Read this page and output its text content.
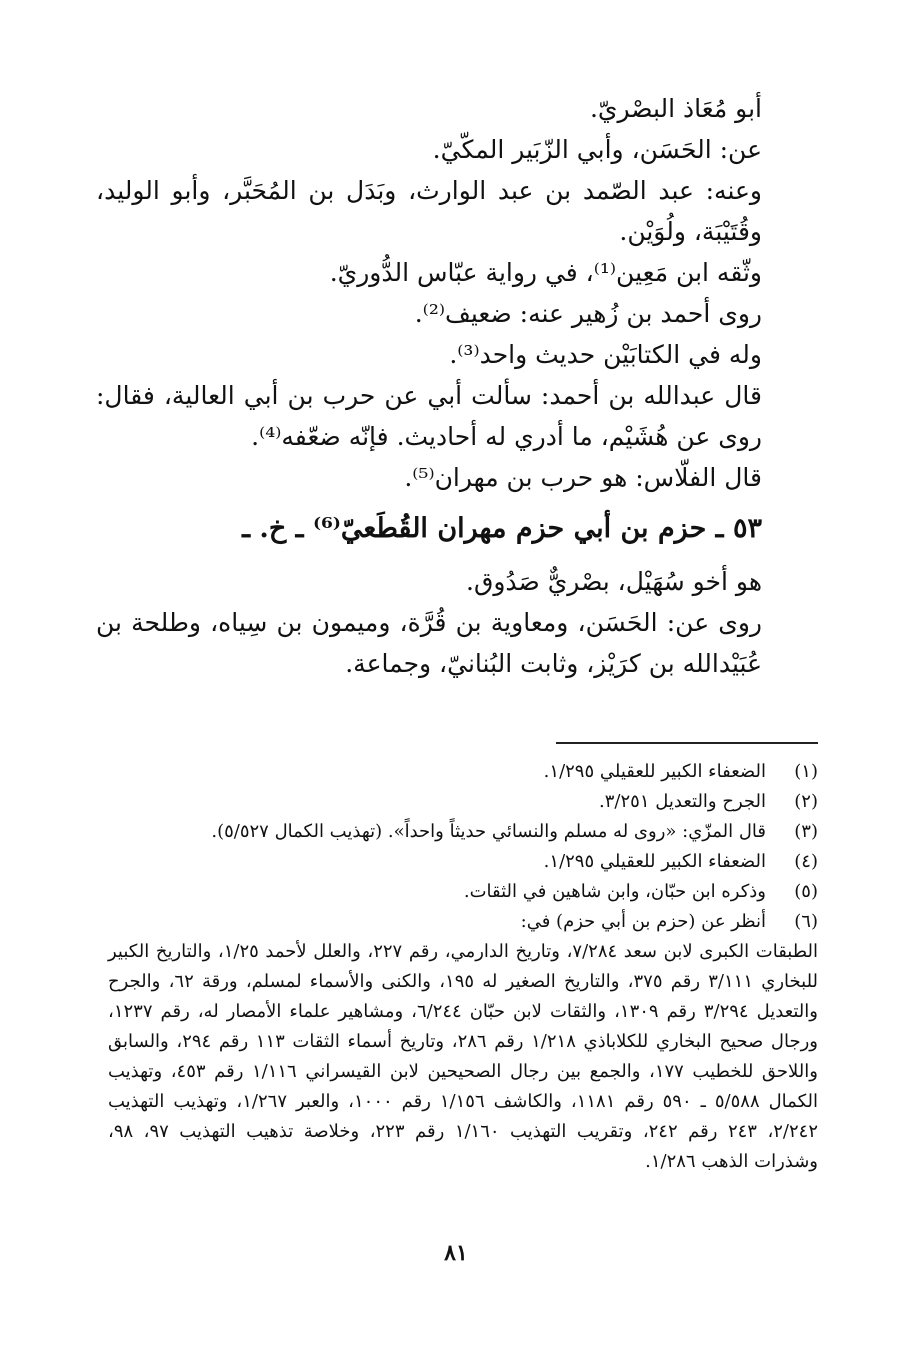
أبو مُعَاذ البصْريّ.

عن: الحَسَن، وأبي الزّبَير المكّيّ.

وعنه: عبد الصّمد بن عبد الوارث، وبَدَل بن المُحَبَّر، وأبو الوليد، وقُتَيْبَة، ولُوَيْن.

وثّقه ابن مَعِين⁽¹⁾، في رواية عبّاس الدُّوريّ.

روى أحمد بن زُهير عنه: ضعيف⁽²⁾.

وله في الكتابَيْن حديث واحد⁽³⁾.

قال عبدالله بن أحمد: سألت أبي عن حرب بن أبي العالية، فقال: روى عن هُشَيْم، ما أدري له أحاديث. فإنّه ضعّفه⁽⁴⁾.

قال الفلّاس: هو حرب بن مهران⁽⁵⁾.

٥٣ ـ حزم بن أبي حزم مهران القُطَعيّ⁽⁶⁾ ـ خ. ـ

هو أخو سُهَيْل، بصْريٌّ صَدُوق.

روى عن: الحَسَن، ومعاوية بن قُرَّة، وميمون بن سِياه، وطلحة بن عُبَيْدالله بن كرَيْز، وثابت البُنانيّ، وجماعة.

(١)
الضعفاء الكبير للعقيلي ١/٢٩٥.
(٢)
الجرح والتعديل ٣/٢٥١.
(٣)
قال المزّي: «روى له مسلم والنسائي حديثاً واحداً». (تهذيب الكمال ٥/٥٢٧).
(٤)
الضعفاء الكبير للعقيلي ١/٢٩٥.
(٥)
وذكره ابن حبّان، وابن شاهين في الثقات.
(٦)
أنظر عن (حزم بن أبي حزم) في:

الطبقات الكبرى لابن سعد ٧/٢٨٤، وتاريخ الدارمي، رقم ٢٢٧، والعلل لأحمد ١/٢٥، والتاريخ الكبير للبخاري ٣/١١١ رقم ٣٧٥، والتاريخ الصغير له ١٩٥، والكنى والأسماء لمسلم، ورقة ٦٢، والجرح والتعديل ٣/٢٩٤ رقم ١٣٠٩، والثقات لابن حبّان ٦/٢٤٤، ومشاهير علماء الأمصار له، رقم ١٢٣٧، ورجال صحيح البخاري للكلاباذي ١/٢١٨ رقم ٢٨٦، وتاريخ أسماء الثقات ١١٣ رقم ٢٩٤، والسابق واللاحق للخطيب ١٧٧، والجمع بين رجال الصحيحين لابن القيسراني ١/١١٦ رقم ٤٥٣، وتهذيب الكمال ٥/٥٨٨ ـ ٥٩٠ رقم ١١٨١، والكاشف ١/١٥٦ رقم ١٠٠٠، والعبر ١/٢٦٧، وتهذيب التهذيب ٢/٢٤٢، ٢٤٣ رقم ٢٤٢، وتقريب التهذيب ١/١٦٠ رقم ٢٢٣، وخلاصة تذهيب التهذيب ٩٧، ٩٨، وشذرات الذهب ١/٢٨٦.

٨١
